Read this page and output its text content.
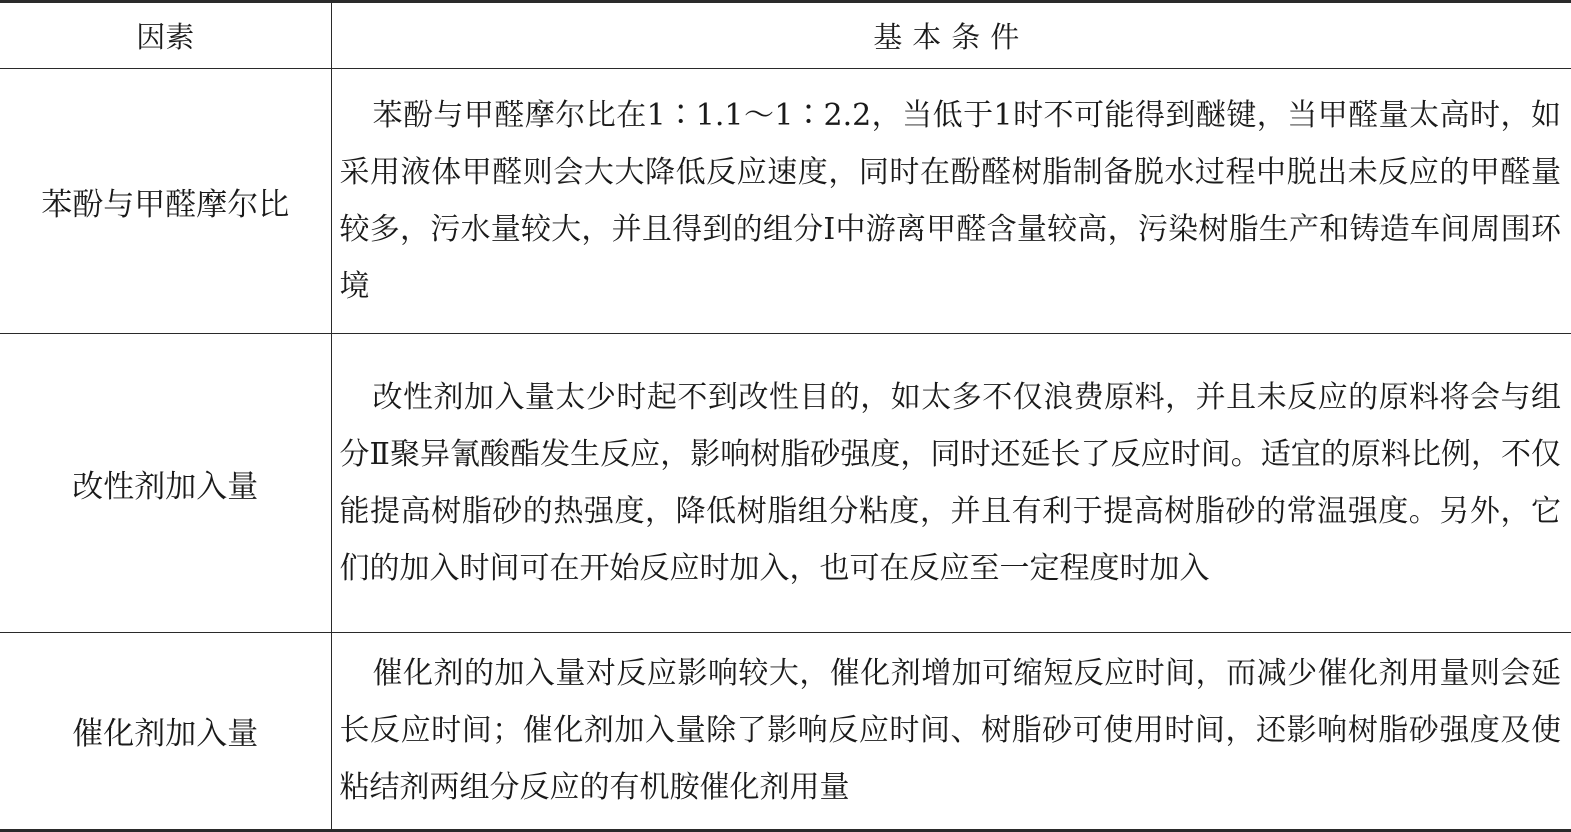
因素	基本条件
苯酚与甲醛摩尔比	苯酚与甲醛摩尔比在1∶1.1～1∶2.2，当低于1时不可能得到醚键，当甲醛量太高时，如采用液体甲醛则会大大降低反应速度，同时在酚醛树脂制备脱水过程中脱出未反应的甲醛量较多，污水量较大，并且得到的组分Ⅰ中游离甲醛含量较高，污染树脂生产和铸造车间周围环境

改性剂加入量	改性剂加入量太少时起不到改性目的，如太多不仅浪费原料，并且未反应的原料将会与组分Ⅱ聚异氰酸酯发生反应，影响树脂砂强度，同时还延长了反应时间。适宜的原料比例，不仅能提高树脂砂的热强度，降低树脂组分粘度，并且有利于提高树脂砂的常温强度。另外，它们的加入时间可在开始反应时加入，也可在反应至一定程度时加入

催化剂加入量	催化剂的加入量对反应影响较大，催化剂增加可缩短反应时间，而减少催化剂用量则会延长反应时间；催化剂加入量除了影响反应时间、树脂砂可使用时间，还影响树脂砂强度及使粘结剂两组分反应的有机胺催化剂用量
